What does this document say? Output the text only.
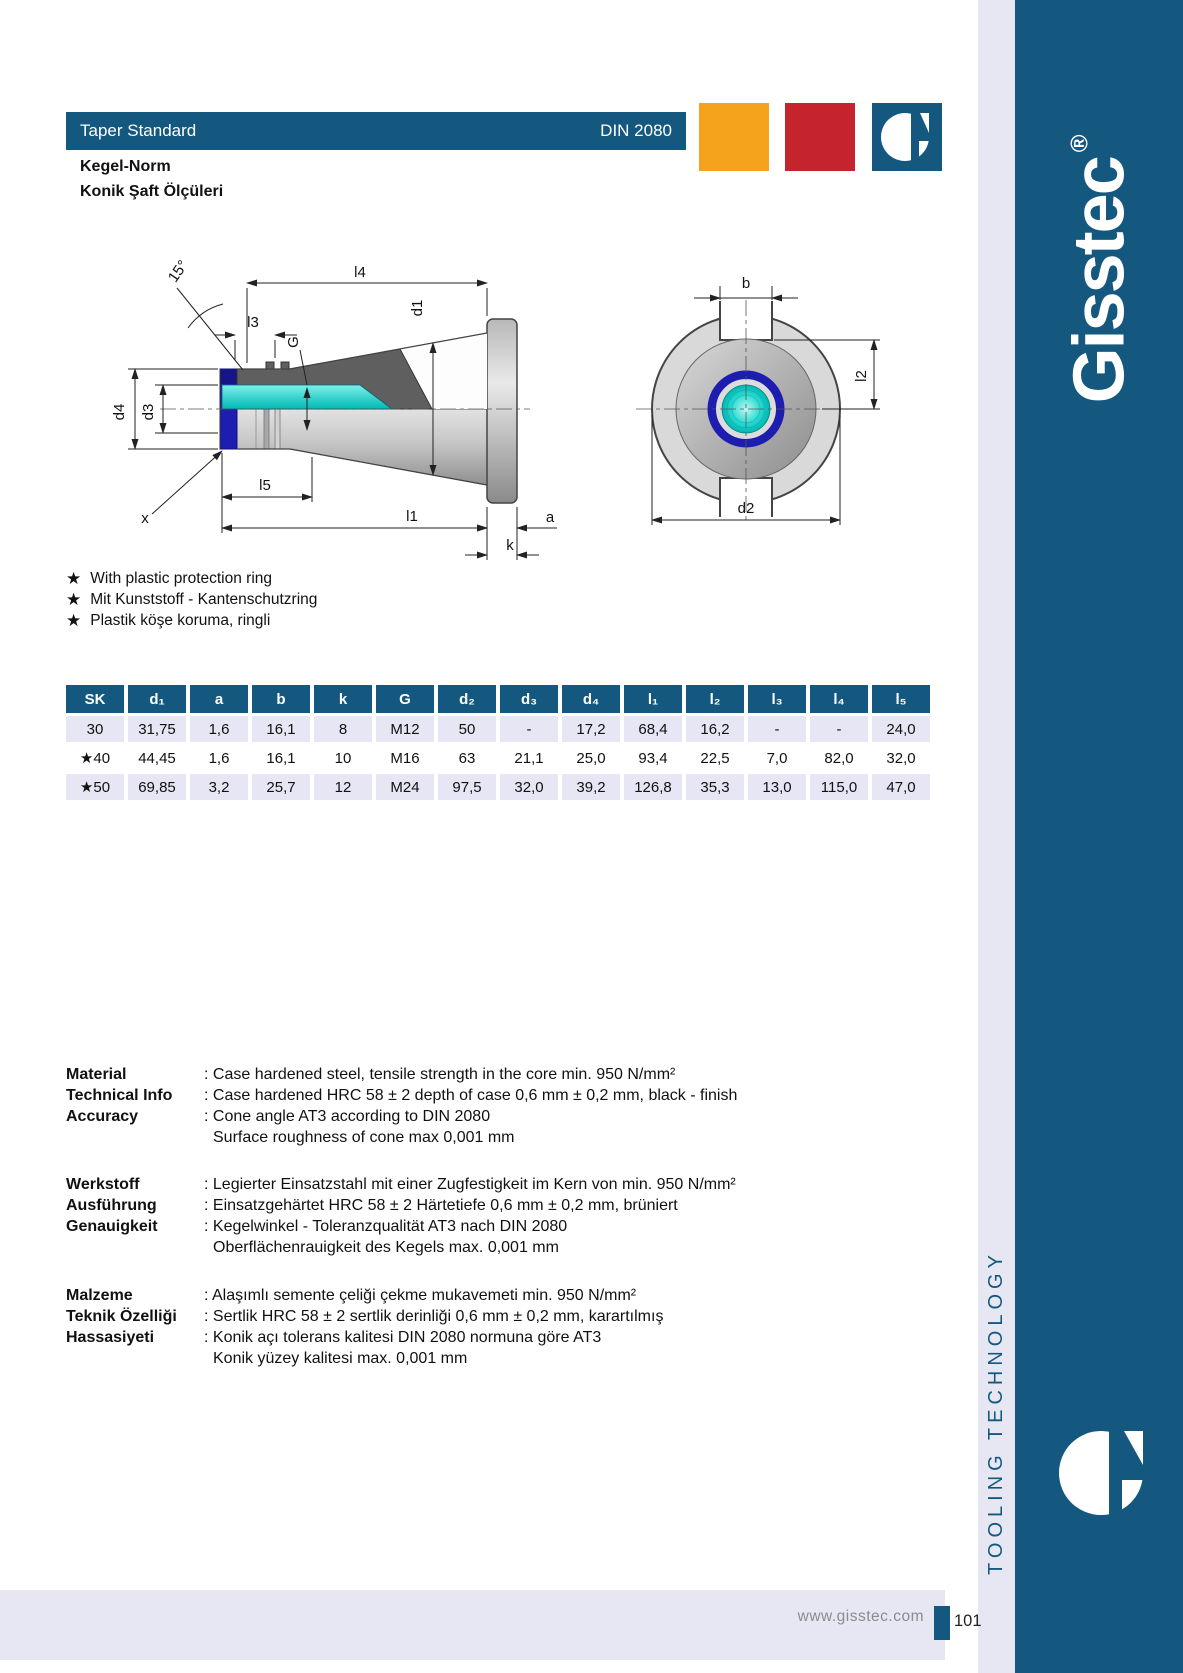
Gisstec®
TOOLING TECHNOLOGY
Taper Standard	DIN 2080
Kegel-Norm
Konik Şaft Ölçüleri
l4
15°
l3
G
d4 d3
d1
l5
l1	a
k
x
b
l2
d2
★ With plastic protection ring
★ Mit Kunststoff - Kantenschutzring
★ Plastik köşe koruma, ringli
SK	d₁	a	b	k	G	d₂	d₃	d₄	l₁	l₂	l₃	l₄	l₅
30	31,75	1,6	16,1	8	M12	50	-	17,2	68,4	16,2	-	-	24,0
★40	44,45	1,6	16,1	10	M16	63	21,1	25,0	93,4	22,5	7,0	82,0	32,0
★50	69,85	3,2	25,7	12	M24	97,5	32,0	39,2	126,8	35,3	13,0	115,0	47,0
Material	: Case hardened steel, tensile strength in the core min. 950 N/mm²
Technical Info	: Case hardened HRC 58 ± 2 depth of case 0,6 mm ± 0,2 mm, black - finish
Accuracy	: Cone angle AT3 according to DIN 2080
Surface roughness of cone max 0,001 mm
Werkstoff	: Legierter Einsatzstahl mit einer Zugfestigkeit im Kern von min. 950 N/mm²
Ausführung	: Einsatzgehärtet HRC 58 ± 2 Härtetiefe 0,6 mm ± 0,2 mm, brüniert
Genauigkeit	: Kegelwinkel - Toleranzqualität AT3 nach DIN 2080
Oberflächenrauigkeit des Kegels max. 0,001 mm
Malzeme	: Alaşımlı semente çeliği çekme mukavemeti min. 950 N/mm²
Teknik Özelliği	: Sertlik HRC 58 ± 2 sertlik derinliği 0,6 mm ± 0,2 mm, karartılmış
Hassasiyeti	: Konik açı tolerans kalitesi DIN 2080 normuna göre AT3
Konik yüzey kalitesi max. 0,001 mm
www.gisstec.com 101
